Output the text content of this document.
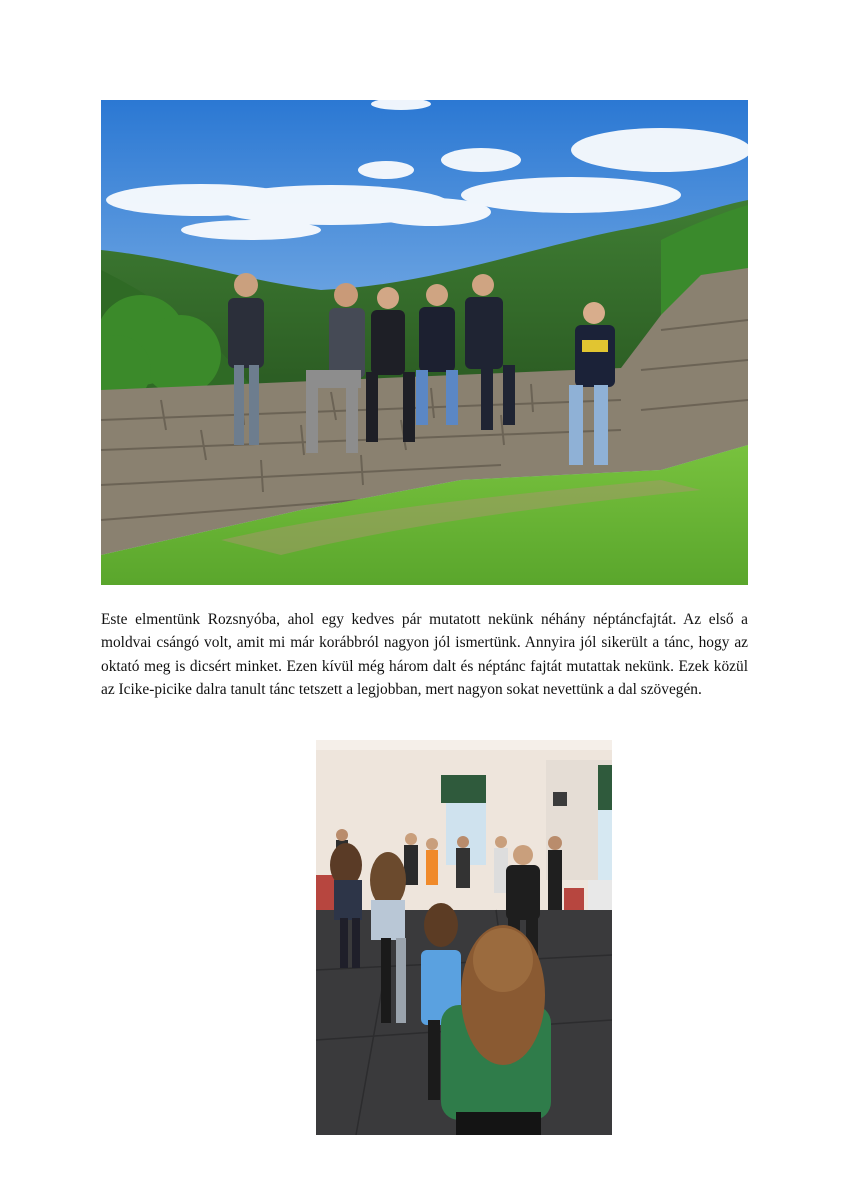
Este elmentünk Rozsnyóba, ahol egy kedves pár mutatott nekünk néhány néptáncfajtát. Az első a moldvai csángó volt, amit mi már korábbról nagyon jól ismertünk. Annyira jól sikerült a tánc, hogy az oktató meg is dicsért minket. Ezen kívül még három dalt és néptánc fajtát mutattak nekünk. Ezek közül az Icike-picike dalra tanult tánc tetszett a legjobban, mert nagyon sokat nevettünk a dal szövegén.
